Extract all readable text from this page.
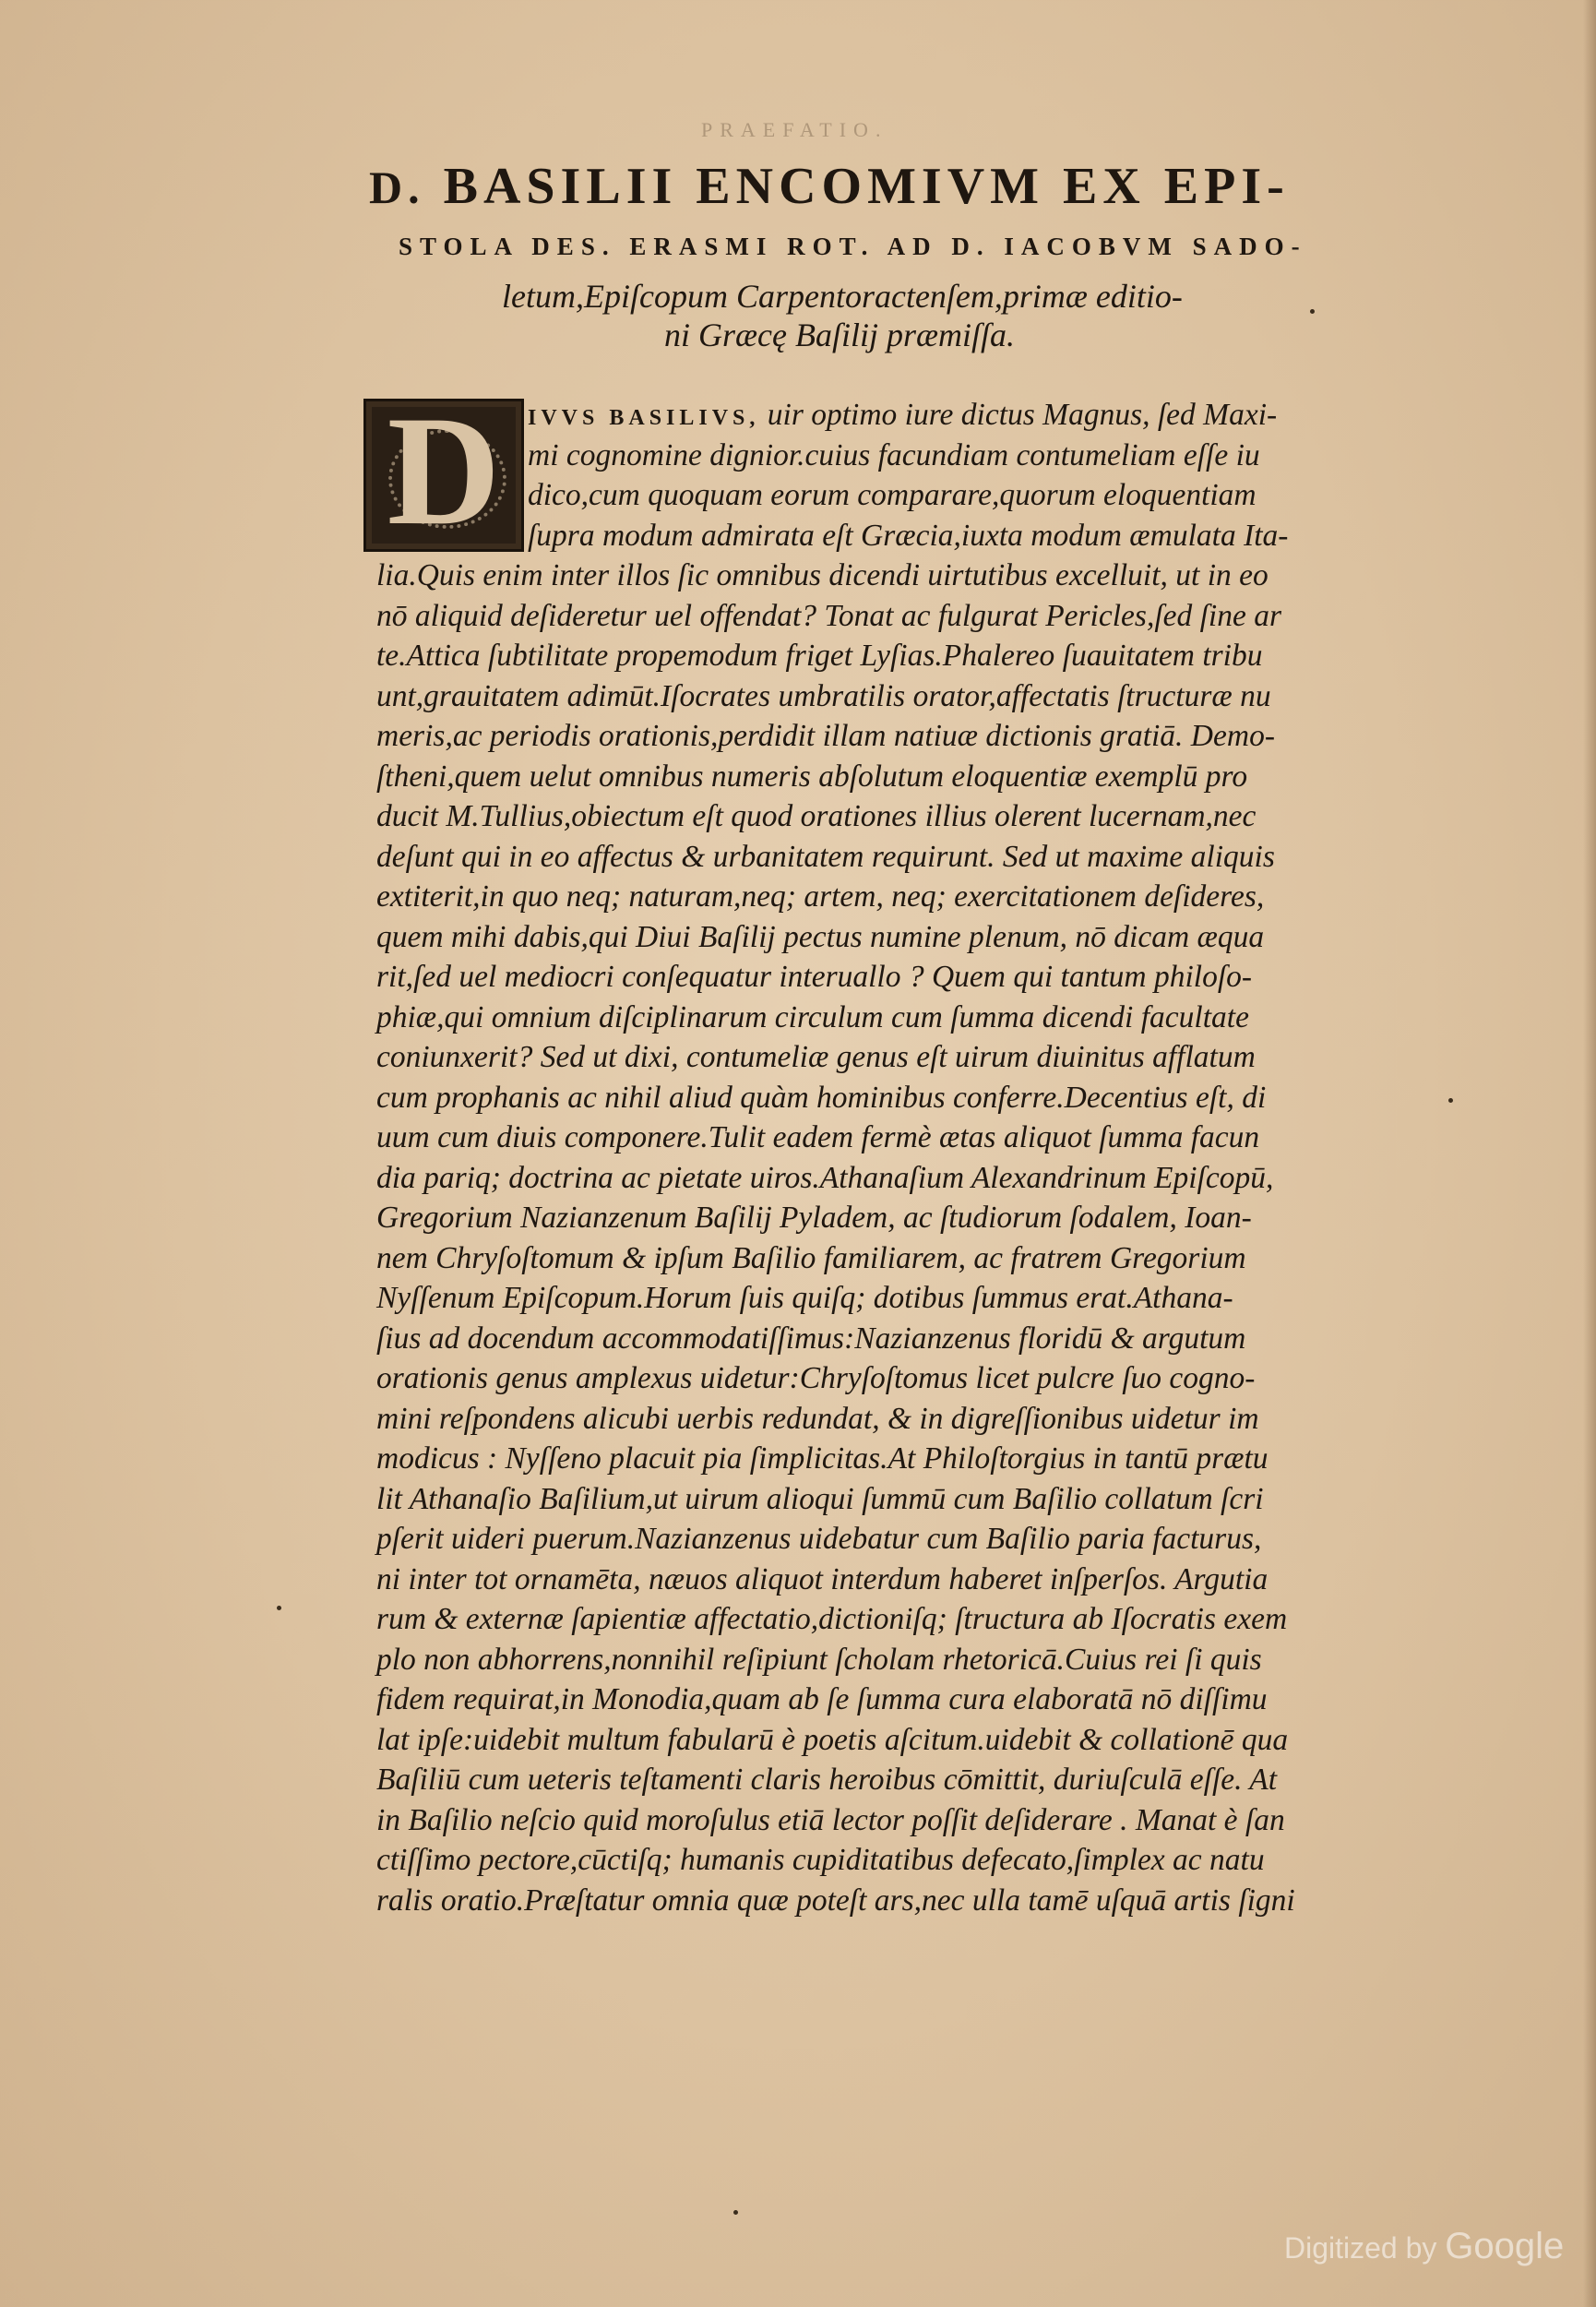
PRAEFATIO.
D. BASILII ENCOMIVM EX EPI-
STOLA DES. ERASMI ROT. AD D. IACOBVM SADO-
letum,Epiſcopum Carpentoractenſem,primæ editio-
ni Græcę Baſilij præmiſſa.
D	IVVS BASILIVS, uir optimo iure dictus Magnus, ſed Maxi-
mi cognomine dignior.cuius facundiam contumeliam eſſe iu
dico,cum quoquam eorum comparare,quorum eloquentiam
ſupra modum admirata eſt Græcia,iuxta modum æmulata Ita-
lia.Quis enim inter illos ſic omnibus dicendi uirtutibus excelluit, ut in eo
nō aliquid deſideretur uel offendat? Tonat ac fulgurat Pericles,ſed ſine ar
te.Attica ſubtilitate propemodum friget Lyſias.Phalereo ſuauitatem tribu
unt,grauitatem adimūt.Iſocrates umbratilis orator,affectatis ſtructuræ nu
meris,ac periodis orationis,perdidit illam natiuæ dictionis gratiā. Demo-
ſtheni,quem uelut omnibus numeris abſolutum eloquentiæ exemplū pro
ducit M.Tullius,obiectum eſt quod orationes illius olerent lucernam,nec
deſunt qui in eo affectus & urbanitatem requirunt. Sed ut maxime aliquis
extiterit,in quo neq; naturam,neq; artem, neq; exercitationem deſideres,
quem mihi dabis,qui Diui Baſilij pectus numine plenum, nō dicam æqua
rit,ſed uel mediocri conſequatur interuallo ? Quem qui tantum philoſo-
phiæ,qui omnium diſciplinarum circulum cum ſumma dicendi facultate
coniunxerit? Sed ut dixi, contumeliæ genus eſt uirum diuinitus afflatum
cum prophanis ac nihil aliud quàm hominibus conferre.Decentius eſt, di
uum cum diuis componere.Tulit eadem fermè ætas aliquot ſumma facun
dia pariq; doctrina ac pietate uiros.Athanaſium Alexandrinum Epiſcopū,
Gregorium Nazianzenum Baſilij Pyladem, ac ſtudiorum ſodalem, Ioan-
nem Chryſoſtomum & ipſum Baſilio familiarem, ac fratrem Gregorium
Nyſſenum Epiſcopum.Horum ſuis quiſq; dotibus ſummus erat.Athana-
ſius ad docendum accommodatiſſimus:Nazianzenus floridū & argutum
orationis genus amplexus uidetur:Chryſoſtomus licet pulcre ſuo cogno-
mini reſpondens alicubi uerbis redundat, & in digreſſionibus uidetur im
modicus : Nyſſeno placuit pia ſimplicitas.At Philoſtorgius in tantū prætu
lit Athanaſio Baſilium,ut uirum alioqui ſummū cum Baſilio collatum ſcri
pſerit uideri puerum.Nazianzenus uidebatur cum Baſilio paria facturus,
ni inter tot ornamēta, næuos aliquot interdum haberet inſperſos. Argutia
rum & externæ ſapientiæ affectatio,dictioniſq; ſtructura ab Iſocratis exem
plo non abhorrens,nonnihil reſipiunt ſcholam rhetoricā.Cuius rei ſi quis
fidem requirat,in Monodia,quam ab ſe ſumma cura elaboratā nō diſſimu
lat ipſe:uidebit multum fabularū è poetis aſcitum.uidebit & collationē qua
Baſiliū cum ueteris teſtamenti claris heroibus cōmittit, duriuſculā eſſe. At
in Baſilio neſcio quid moroſulus etiā lector poſſit deſiderare . Manat è ſan
ctiſſimo pectore,cūctiſq; humanis cupiditatibus defecato,ſimplex ac natu
ralis oratio.Præſtatur omnia quæ poteſt ars,nec ulla tamē uſquā artis ſigni
Digitized by Google
